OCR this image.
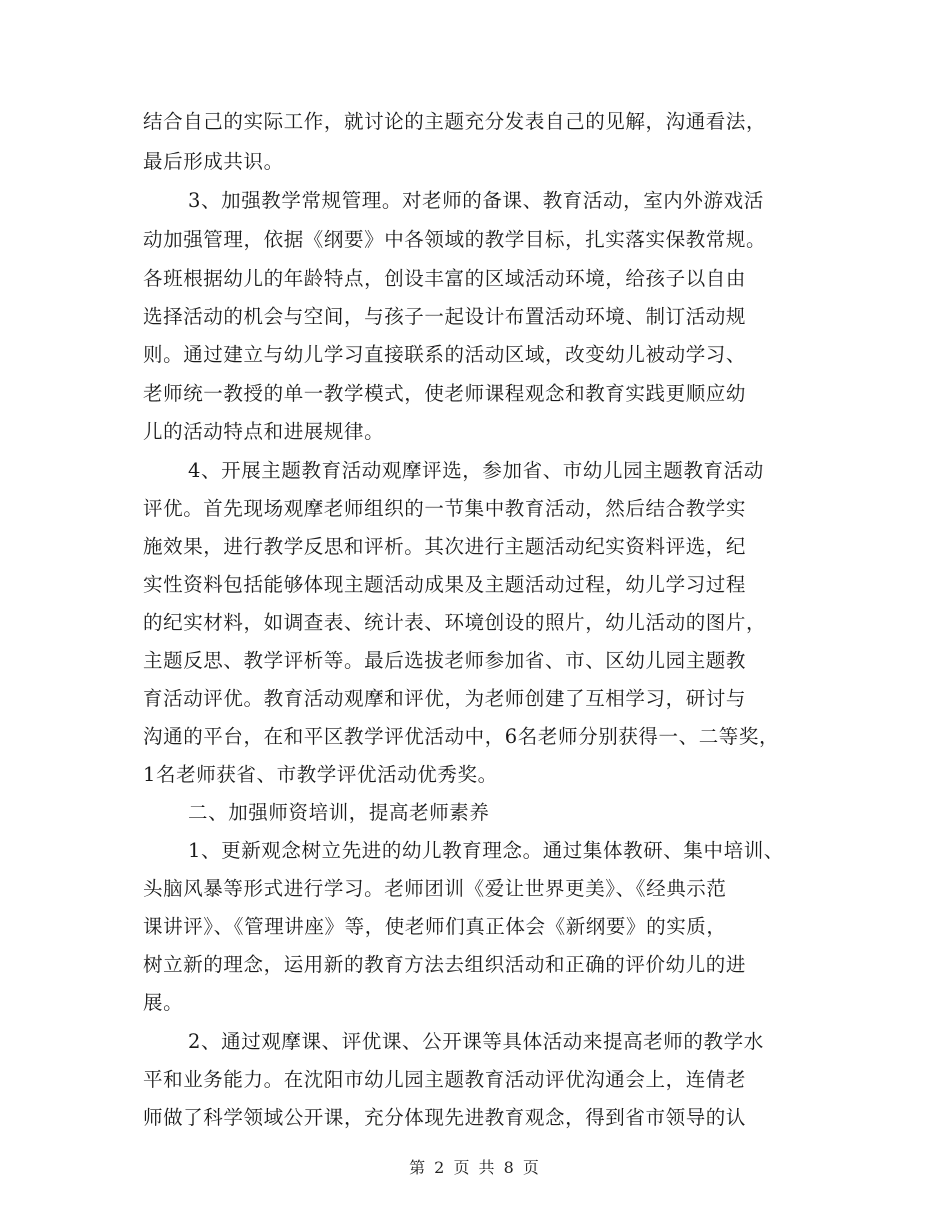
结合自己的实际工作，就讨论的主题充分发表自己的见解，沟通看法，
最后形成共识。
3、加强教学常规管理。对老师的备课、教育活动，室内外游戏活
动加强管理，依据《纲要》中各领域的教学目标，扎实落实保教常规。
各班根据幼儿的年龄特点，创设丰富的区域活动环境，给孩子以自由
选择活动的机会与空间，与孩子一起设计布置活动环境、制订活动规
则。通过建立与幼儿学习直接联系的活动区域，改变幼儿被动学习、
老师统一教授的单一教学模式，使老师课程观念和教育实践更顺应幼
儿的活动特点和进展规律。
4、开展主题教育活动观摩评选，参加省、市幼儿园主题教育活动
评优。首先现场观摩老师组织的一节集中教育活动，然后结合教学实
施效果，进行教学反思和评析。其次进行主题活动纪实资料评选，纪
实性资料包括能够体现主题活动成果及主题活动过程，幼儿学习过程
的纪实材料，如调查表、统计表、环境创设的照片，幼儿活动的图片，
主题反思、教学评析等。最后选拔老师参加省、市、区幼儿园主题教
育活动评优。教育活动观摩和评优，为老师创建了互相学习，研讨与
沟通的平台，在和平区教学评优活动中，6名老师分别获得一、二等奖，
1名老师获省、市教学评优活动优秀奖。
二、加强师资培训，提高老师素养
1、更新观念树立先进的幼儿教育理念。通过集体教研、集中培训、
头脑风暴等形式进行学习。老师团训《爱让世界更美》、《经典示范
课讲评》、《管理讲座》等，使老师们真正体会《新纲要》的实质，
树立新的理念，运用新的教育方法去组织活动和正确的评价幼儿的进
展。
2、通过观摩课、评优课、公开课等具体活动来提高老师的教学水
平和业务能力。在沈阳市幼儿园主题教育活动评优沟通会上，连倩老
师做了科学领域公开课，充分体现先进教育观念，得到省市领导的认
第 2 页 共 8 页
